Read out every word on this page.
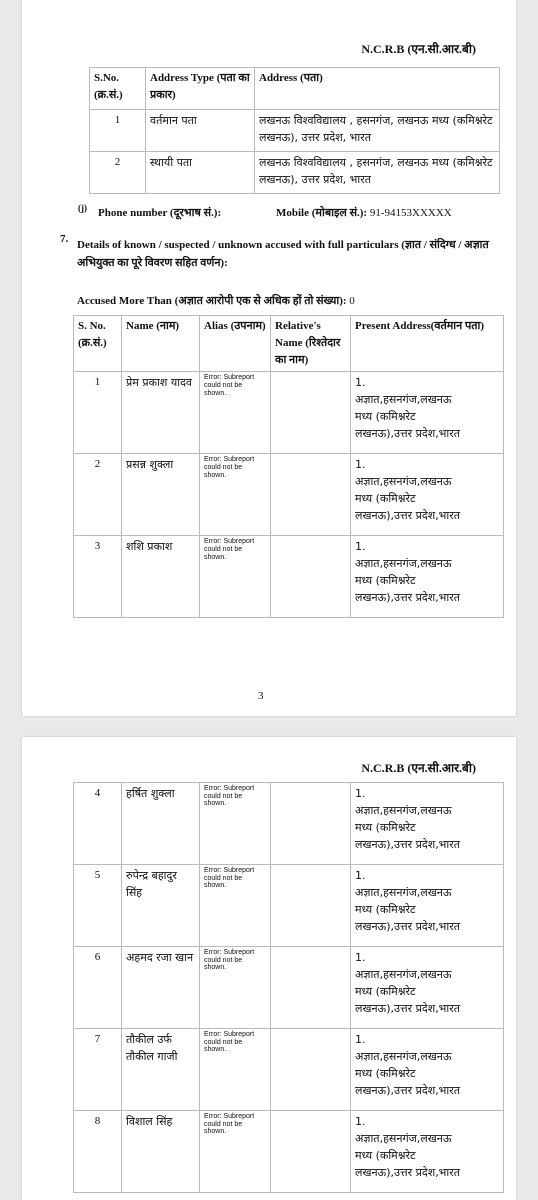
N.C.R.B (एन.सी.आर.बी)
S.No. (क्र.सं.)	Address Type (पता का प्रकार)	Address (पता)
1	वर्तमान पता	लखनऊ विश्वविद्यालय , हसनगंज, लखनऊ मध्य (कमिश्नरेट लखनऊ), उत्तर प्रदेश, भारत
2	स्थायी पता	लखनऊ विश्वविद्यालय , हसनगंज, लखनऊ मध्य (कमिश्नरेट लखनऊ), उत्तर प्रदेश, भारत
(j) Phone number (दूरभाष सं.):	Mobile (मोबाइल सं.): 91-94153XXXXX
7. Details of known / suspected / unknown accused with full particulars (ज्ञात / संदिग्ध / अज्ञात अभियुक्त का पूरे विवरण सहित वर्णन):
Accused More Than (अज्ञात आरोपी एक से अधिक हों तो संख्या): 0
S. No. (क्र.सं.)	Name (नाम)	Alias (उपनाम)	Relative's Name (रिश्तेदार का नाम)	Present Address(वर्तमान पता)
1	प्रेम प्रकाश यादव	Error: Subreport could not be shown.		1.
अज्ञात,हसनगंज,लखनऊ
मध्य (कमिश्नरेट
लखनऊ),उत्तर प्रदेश,भारत

2	प्रसन्न शुक्ला	Error: Subreport could not be shown.		1.
अज्ञात,हसनगंज,लखनऊ
मध्य (कमिश्नरेट
लखनऊ),उत्तर प्रदेश,भारत

3	शशि प्रकाश	Error: Subreport could not be shown.		1.
अज्ञात,हसनगंज,लखनऊ
मध्य (कमिश्नरेट
लखनऊ),उत्तर प्रदेश,भारत
3
N.C.R.B (एन.सी.आर.बी)
4	हर्षित शुक्ला	Error: Subreport could not be shown.		1.
अज्ञात,हसनगंज,लखनऊ
मध्य (कमिश्नरेट
लखनऊ),उत्तर प्रदेश,भारत

5	रुपेन्द्र बहादुर सिंह	Error: Subreport could not be shown.		1.
अज्ञात,हसनगंज,लखनऊ
मध्य (कमिश्नरेट
लखनऊ),उत्तर प्रदेश,भारत

6	अहमद रजा खान	Error: Subreport could not be shown.		1.
अज्ञात,हसनगंज,लखनऊ
मध्य (कमिश्नरेट
लखनऊ),उत्तर प्रदेश,भारत

7	तौकील उर्फ तौकील गाजी	Error: Subreport could not be shown.		1.
अज्ञात,हसनगंज,लखनऊ
मध्य (कमिश्नरेट
लखनऊ),उत्तर प्रदेश,भारत

8	विशाल सिंह	Error: Subreport could not be shown.		1.
अज्ञात,हसनगंज,लखनऊ
मध्य (कमिश्नरेट
लखनऊ),उत्तर प्रदेश,भारत
